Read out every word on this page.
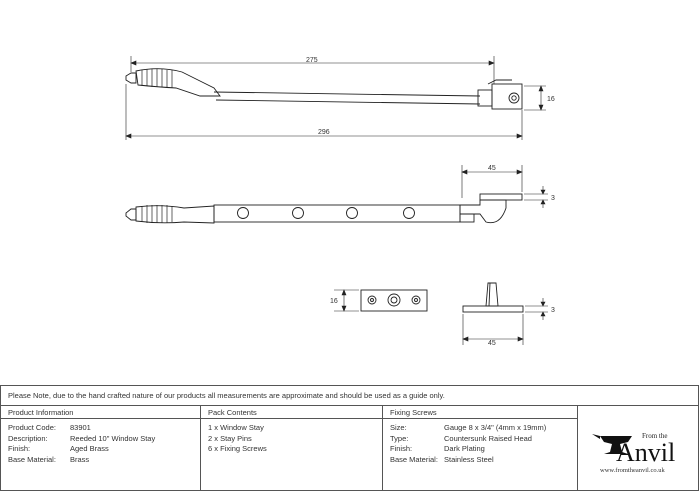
275
296
16
45
3
16
3
45
Please Note, due to the hand crafted nature of our products all measurements are approximate and should be used as a guide only.
Product Information
Product Code: 83901
Description:	Reeded 10" Window Stay
Finish:	Aged Brass
Base Material: Brass
Pack Contents
1 x Window Stay
2 x Stay Pins
6 x Fixing Screws
Fixing Screws
Size:	Gauge 8 x 3/4" (4mm x 19mm)
Type:	Countersunk Raised Head
Finish:	Dark Plating
Base Material: Stainless Steel
From the
Anvil
www.fromtheanvil.co.uk
